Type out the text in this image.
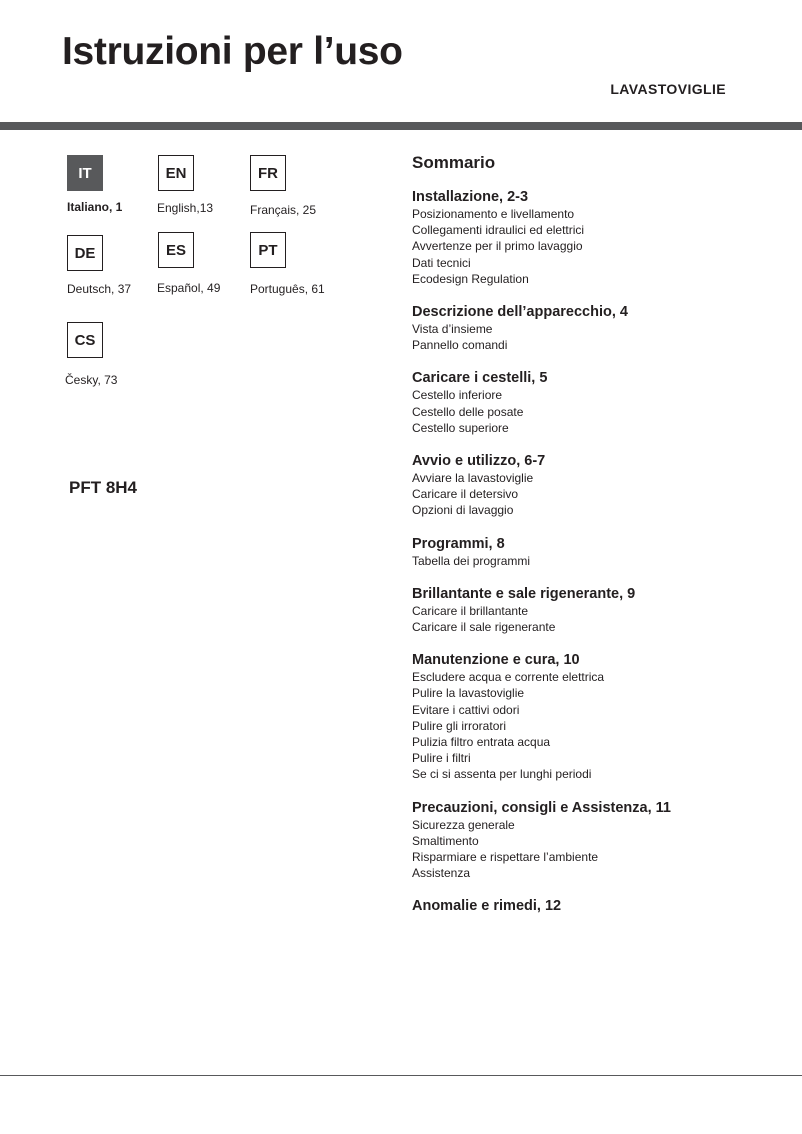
Istruzioni per l’uso
LAVASTOVIGLIE
IT
Italiano, 1
EN
English,13
FR
Français, 25
DE
Deutsch, 37
ES
Español, 49
PT
Português, 61
CS
Česky, 73
PFT 8H4
Sommario
Installazione, 2-3
Posizionamento e livellamento
Collegamenti idraulici ed elettrici
Avvertenze per il primo lavaggio
Dati tecnici
Ecodesign Regulation
Descrizione dell’apparecchio, 4
Vista d’insieme
Pannello comandi
Caricare i cestelli, 5
Cestello inferiore
Cestello delle posate
Cestello superiore
Avvio e utilizzo, 6-7
Avviare la lavastoviglie
Caricare il detersivo
Opzioni di lavaggio
Programmi, 8
Tabella dei programmi
Brillantante e sale rigenerante, 9
Caricare il brillantante
Caricare il sale rigenerante
Manutenzione e cura, 10
Escludere acqua e corrente elettrica
Pulire la lavastoviglie
Evitare i cattivi odori
Pulire gli irroratori
Pulizia filtro entrata acqua
Pulire i filtri
Se ci si assenta per lunghi periodi
Precauzioni, consigli e Assistenza, 11
Sicurezza generale
Smaltimento
Risparmiare e rispettare l’ambiente
Assistenza
Anomalie e rimedi, 12
